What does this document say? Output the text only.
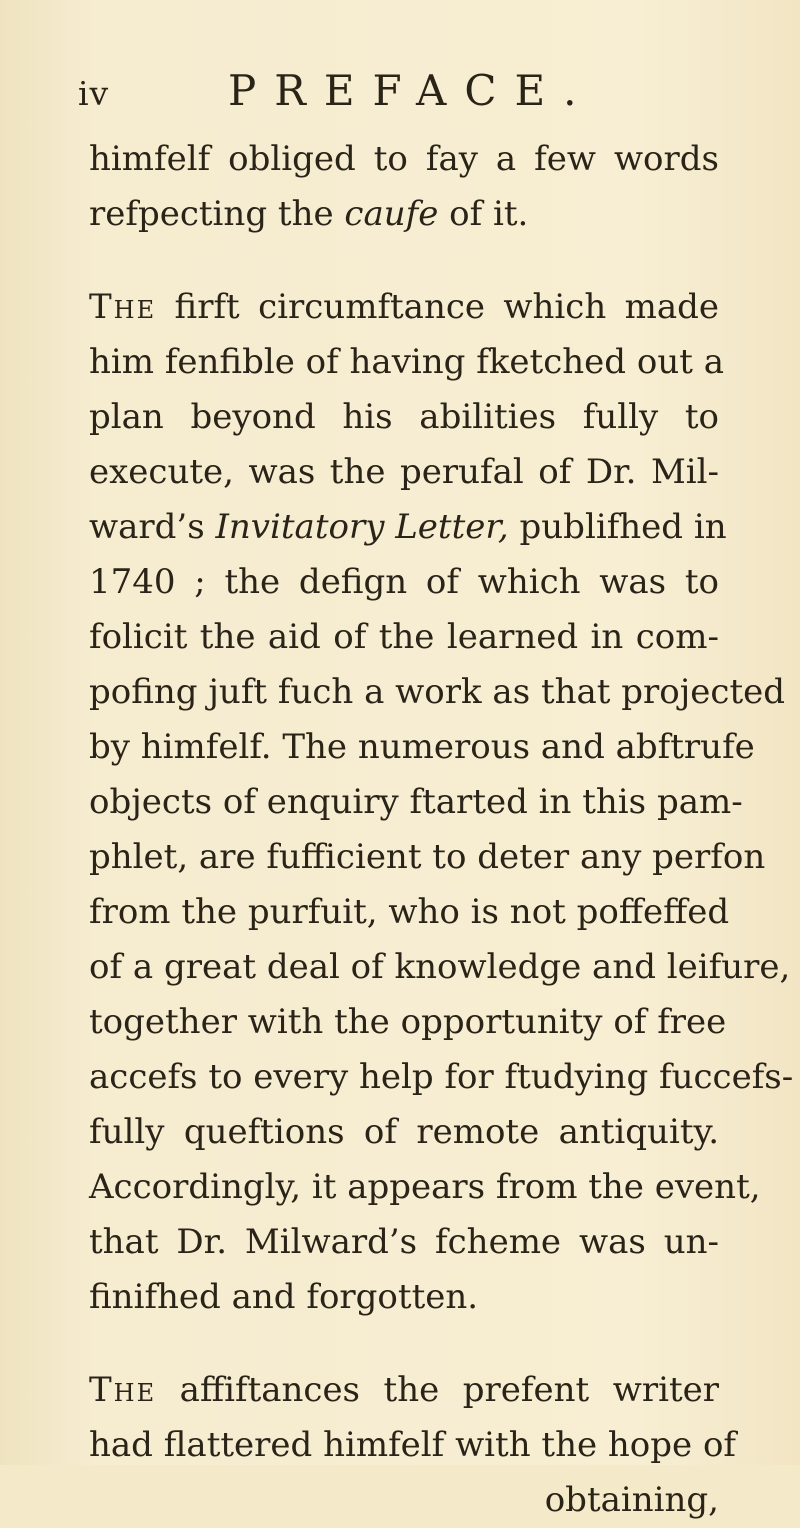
iv	PREFACE.
himfelf obliged to fay a few words
refpecting the caufe of it.
The firft circumftance which made
him fenfible of having fketched out a
plan beyond his abilities fully to
execute, was the perufal of Dr. Mil-
ward’s Invitatory Letter, publifhed in
1740 ; the defign of which was to
folicit the aid of the learned in com-
pofing juft fuch a work as that projected
by himfelf. The numerous and abftrufe
objects of enquiry ftarted in this pam-
phlet, are fufficient to deter any perfon
from the purfuit, who is not poffeffed
of a great deal of knowledge and leifure,
together with the opportunity of free
accefs to every help for ftudying fuccefs-
fully queftions of remote antiquity.
Accordingly, it appears from the event,
that Dr. Milward’s fcheme was un-
finifhed and forgotten.
The affiftances the prefent writer
had flattered himfelf with the hope of
obtaining,
